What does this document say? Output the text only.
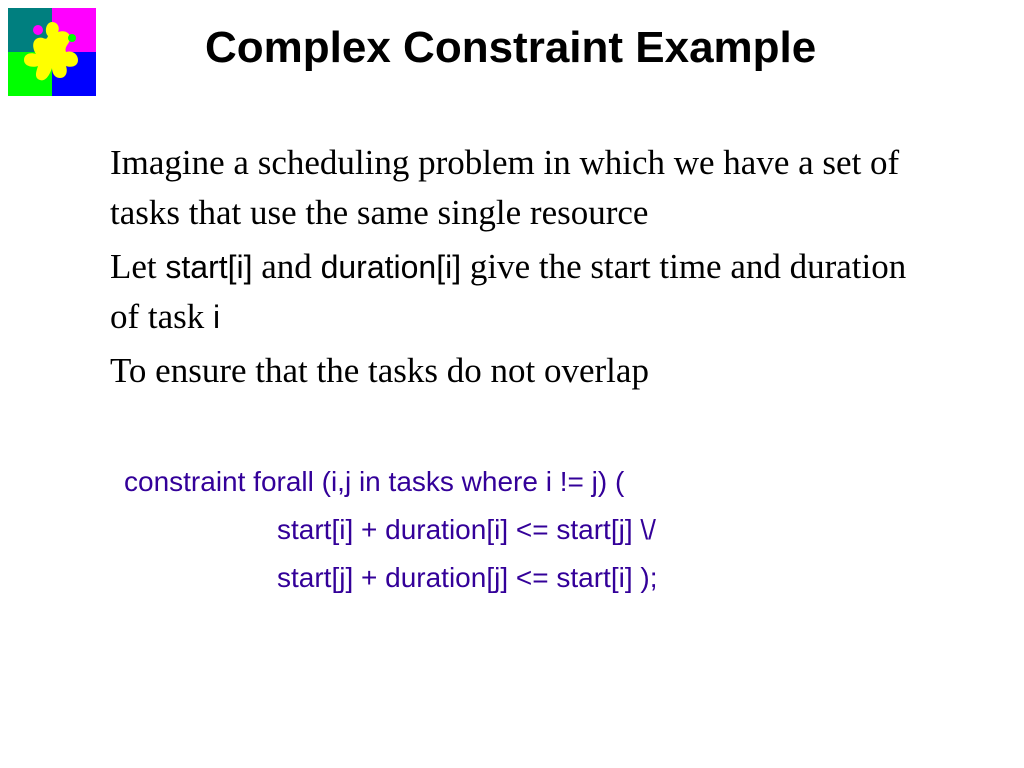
Complex Constraint Example

Imagine a scheduling problem in which we have a set of tasks that use the same single resource

Let start[i] and duration[i] give the start time and duration of task i

To ensure that the tasks do not overlap

constraint forall (i,j in tasks where i != j) (
start[i] + duration[i] <= start[j] \/
start[j] + duration[j] <= start[i] );
